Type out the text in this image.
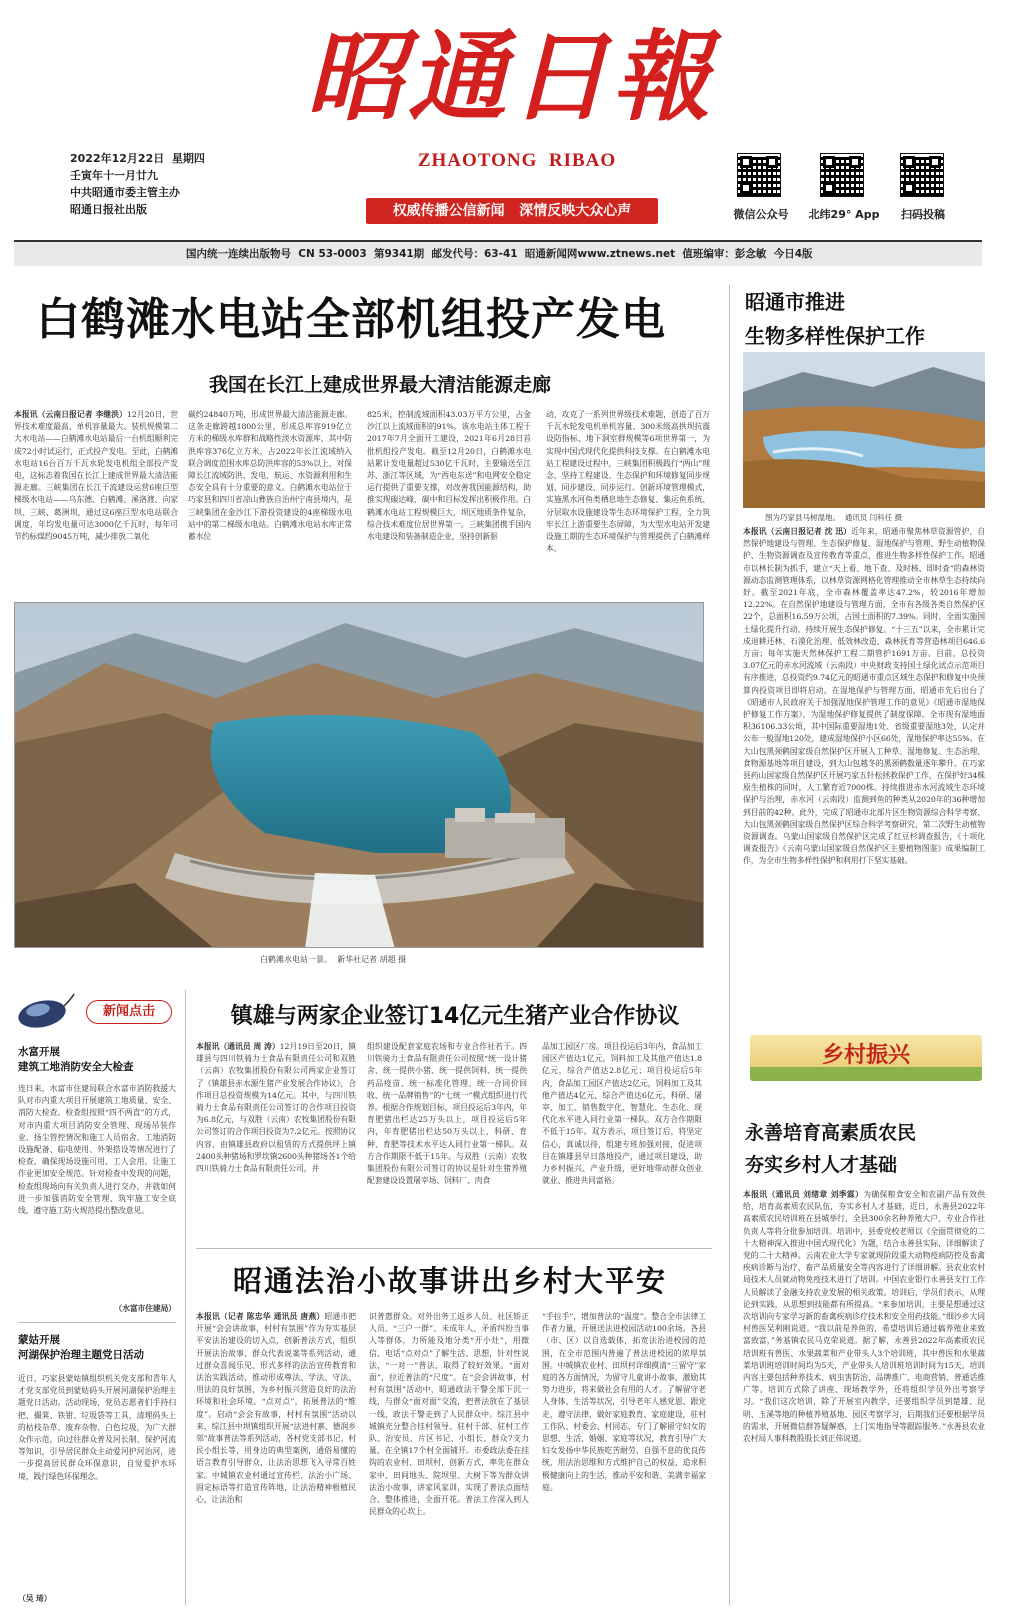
昭通日報
ZHAOTONG  RIBAO
权威传播公信新闻   深情反映大众心声
2022年12月22日  星期四
壬寅年十一月廿九
中共昭通市委主管主办
昭通日报社出版	微信公众号	北纬29° App	扫码投稿
国内统一连续出版物号  CN 53-0003  第9341期  邮发代号：63-41  昭通新闻网www.ztnews.net  值班编审：彭念敏  今日4版
白鹤滩水电站全部机组投产发电
我国在长江上建成世界最大清洁能源走廊
本报讯（云南日报记者 李继洪）12月20日，世界技术难度最高、单机容量最大、装机规模第二大水电站——白鹤滩水电站最后一台机组顺利完成72小时试运行，正式投产发电。至此，白鹤滩水电站16台百万千瓦水轮发电机组全部投产发电，这标志着我国在长江上建成世界最大清洁能源走廊。三峡集团在长江干流建设运营6座巨型梯级水电站——乌东德、白鹤滩、溪洛渡、向家坝、三峡、葛洲坝，通过这6座巨型水电站联合调度，年均发电量可达3000亿千瓦时，每年可节约标煤约9045万吨，减少排放二氧化
碳约24840万吨，形成世界最大清洁能源走廊。这条走廊跨越1800公里，形成总库容919亿立方米的梯级水库群和战略性淡水资源库，其中防洪库容376亿立方米，占2022年长江流域纳入联合调度范围水库总防洪库容的53%以上，对保障长江流域防洪、发电、航运、水资源利用和生态安全具有十分重要的意义。白鹤滩水电站位于巧家县和四川省凉山彝族自治州宁南县境内，是三峡集团在金沙江下游投资建设的4座梯级水电站中的第二梯级水电站。白鹤滩水电站水库正常蓄水位
825米，控制流域面积43.03万平方公里，占金沙江以上流域面积的91%。该水电站主体工程于2017年7月全面开工建设，2021年6月28日首批机组投产发电。截至12月20日，白鹤滩水电站累计发电量超过530亿千瓦时，主要输送至江苏、浙江等区域，为“西电东送”和电网安全稳定运行提供了重要支撑，对改善我国能源结构，助推实现碳达峰、碳中和目标发挥出积极作用。白鹤滩水电站工程规模巨大，坝区地质条件复杂，综合技术难度位居世界第一。三峡集团携手国内水电建设和装备制造企业，坚持创新驱
动，攻克了一系列世界级技术难题，创造了百万千瓦水轮发电机单机容量、300米级高拱坝抗震设防指标、地下洞室群规模等6项世界第一，为实现中国式现代化提供科技支撑。在白鹤滩水电站工程建设过程中，三峡集团积极践行“两山”理念，坚持工程建设、生态保护和环境修复同步规划、同步建设、同步运行。创新环境管理模式，实施黑水河鱼类栖息地生态修复、集运鱼系统、分层取水设施建设等生态环境保护工程，全力筑牢长江上游重要生态屏障，为大型水电站开发建设施工期的生态环境保护与管理提供了白鹤滩样本。
白鹤滩水电站一景。  新华社记者 胡超 摄
昭通市推进
生物多样性保护工作
图为巧家县马树湿地。  通讯员 闫科任 摄
本报讯（云南日报记者 沈 迅）近年来，昭通市聚焦林草资源管护、自然保护地建设与管理、生态保护修复、湿地保护与管理、野生动植物保护、生物资源调查及宣传教育等重点，推进生物多样性保护工作。昭通市以林长制为抓手，建立“天上看、地下查、及时核、即时查”的森林资源动态监测管理体系，以林草资源网格化管理推动全市林草生态持续向好。截至2021年底，全市森林覆盖率达47.2%，较2016年增加12.22%。在自然保护地建设与管理方面，全市有各级各类自然保护区22个，总面积16.59万公顷，占国土面积的7.39%。同时，全面实施国土绿化提升行动，持续开展生态保护修复。“十三五”以来，全市累计完成退耕还林、石漠化治理、低效林改造、森林抚育等营造林项目646.6万亩；每年实施天然林保护工程二期管护1691万亩。目前，总投资3.07亿元的赤水河流域（云南段）中央财政支持国土绿化试点示范项目有序推进，总投资约9.74亿元的昭通市重点区域生态保护和修复中央预算内投资项目即将启动。在湿地保护与管理方面，昭通市先后出台了《昭通市人民政府关于加强湿地保护管理工作的意见》《昭通市湿地保护修复工作方案》，为湿地保护修复提供了制度保障。全市现有湿地面积36106.33公顷，其中国际重要湿地1处、省级重要湿地3处，认定并公布一般湿地120处，建成湿地保护小区66处，湿地保护率达55%。在大山包黑颈鹤国家级自然保护区开展人工种草、湿地修复、生态治理、食物源基地等项目建设，到大山包越冬的黑颈鹤数量逐年攀升。在巧家县药山国家级自然保护区开展巧家五针松拯救保护工作，在保护好34株原生植株的同时，人工繁育近7000株。持续推进赤水河流域生态环境保护与治理，赤水河（云南段）监测到鱼的种类从2020年的36种增加到目前的42种。此外，完成了昭通市北部片区生物资源综合科学考察、大山包黑颈鹤国家级自然保护区综合科学考察研究、第二次野生动植物资源调查。乌蒙山国家级自然保护区完成了红豆杉调查报告，《十项化调查报告》《云南乌蒙山国家级自然保护区主要植物图鉴》成果编制工作，为全市生物多样性保护和利用打下坚实基础。
乡村振兴
永善培育高素质农民
夯实乡村人才基础
本报讯（通讯员 刘绪章 刘季霖）为确保粮食安全和农副产品有效供给，培育高素质农民队伍，夯实乡村人才基础，近日，永善县2022年高素质农民培训班在县城举行，全县300余名种养殖大户、专业合作社负责人等将分批参加培训。培训中，县委党校老师以《全面贯彻党的二十大精神深入推进中国式现代化》为题，结合永善县实际，详细解读了党的二十大精神。云南农业大学专家就现阶段重大动物疫病防控及畜禽疾病诊断与治疗、畜产品质量安全等内容进行了详细讲解。县农业农村局技术人员就动物免疫技术进行了培训。中国农业银行永善县支行工作人员解读了金融支持农业发展的相关政策。培训后，学员们表示，从理论到实践，从思想到技能都有所提高。“来参加培训，主要是想通过这次培训向专家学习新的畜禽疾病诊疗技术和安全用药技能。”细沙乡大同村兽医吴利刚说道。“我以前是养鱼的，希望培训后通过搞养殖业来致富致富，”务基镇农民马克荣说道。据了解，永善县2022年高素质农民培训班有兽医、水果蔬菜和产业带头人3个培训班，其中兽医和水果蔬菜培训班培训时间均为5天，产业带头人培训班培训时间为15天。培训内容主要包括种养技术、病虫害防治、品牌推广、电商营销、普通话推广等。培训方式除了讲座、现场教学外，还将组织学员外出考察学习。“我们这次培训，除了开展室内教学，还要组织学员到楚雄、昆明、玉溪等地的种植养殖基地、园区考察学习，后期我们还要根据学员的需求，开展微信群答疑解惑，上门实地指导等跟踪服务。”永善县农业农村局人事科教股股长刘正伟说道。
新闻点击
水富开展
建筑工地消防安全大检查
连日来，水富市住建局联合水富市消防救援大队对市内重大项目开展建筑工地质量、安全、消防大检查。检查组按照“四不两直”的方式，对市内重大项目消防安全管理、现场吊装作业、扬尘管控情况和施工人员宿舍、工地消防设施配备、临电使用、外架搭设等情况进行了检查，确保现场设施可用、工人会用，让施工作业更加安全规范。针对检查中发现的问题，检查组现场向有关负责人进行交办，并就如何进一步加强消防安全管理、筑牢施工安全底线，遵守施工防火规范提出整改意见。
（水富市住建局）
蒙姑开展
河湖保护治理主题党日活动
近日，巧家县蒙姑镇组织机关党支部和青年人才党支部党员到蒙姑码头开展河湖保护治理主题党日活动。活动现场，党员志愿者们手持扫把、撮箕、铁钳、垃圾袋等工具，清理码头上的枯枝杂草、废弃杂物、白色垃圾，为广大群众作示范，向过往群众普及河长制、保护河流等知识，引导居民群众主动爱河护河治河，进一步提高居民群众环保意识，自觉爱护水环境，践行绿色环保理念。
（吴 琦）
镇雄与两家企业签订14亿元生猪产业合作协议
本报讯（通讯员 周 涛）12月19日至20日，镇雄县与四川铁骑力士食品有限责任公司和双胜（云南）农牧集团股份有限公司两家企业签订了《镇雄县赤水源生猪产业发展合作协议》，合作项目总投资规模为14亿元。其中，与四川铁骑力士食品有限责任公司签订的合作项目投资为6.8亿元，与双胜（云南）农牧集团股份有限公司签订的合作项目投资为7.2亿元。按照协议内容，由镇雄县政府以租赁的方式提供坪上镇2400头种猪场和罗坎镇2600头种猪场各1个给四川铁骑力士食品有限责任公司，并
组织建设配套家庭农场和专业合作社若干。四川铁骑力士食品有限责任公司按照“统一设计猪舍、统一提供小猪、统一提供饲料、统一提供药品疫苗、统一标准化管理、统一合同价回收、统一品牌销售”的“七统一”模式组织进行代养。根据合作规划目标，项目投运后3年内，年育肥猪出栏达25万头以上，项目投运后5年内，年育肥猪出栏达50万头以上，科研、育种、育肥等技术水平达入同行业第一梯队。双方合作期限不低于15年。与双胜（云南）农牧集团股份有限公司签订的协议是针对生猪养殖配套建设设置屠宰场、饲料厂、肉食
品加工园区厂房。项目投运后3年内，食品加工园区产值达1亿元，饲料加工及其他产值达1.8亿元，综合产值达2.8亿元；项目投运后5年内，食品加工园区产值达2亿元，饲料加工及其他产值达4亿元，综合产值达6亿元，科研、屠宰、加工、销售数字化、智慧化、生态化、现代化水平进入同行业第一梯队。双方合作期限不低于15年。双方表示，项目签订后，将坚定信心，真诚以待，组建专班加强对接，促进项目在镇雄县早日落地投产，通过项目建设，助力乡村振兴、产业升级，更好地带动群众创业就业、推进共同富裕。
昭通法治小故事讲出乡村大平安
本报讯（记者 陈忠华 通讯员 唐燕）昭通市把开展“会会讲故事，村村有氛围”作为夯实基层平安法治建设的切入点，创新普法方式，组织开展法治故事、群众代表说案等系列活动，通过群众喜闻乐见、形式多样的法治宣传教育和法治实践活动，推动形成尊法、学法、守法、用法的良好氛围，为乡村振兴营造良好的法治环境和社会环境。“点对点”，拓展普法的“维度”。启动“会会有故事，村村有氛围”活动以来，综江县中坝镇组织开展“法进村寨、德润乡邻”故事普法等系列活动，各村党支部书记、村民小组长等，用身边的典型案例，通俗易懂的语言教育引导群众，让法治思想飞入寻常百姓家。中城镇农业村通过宣传栏、法治小广场、固定标语等打造宣传阵地，让法治精神根植民心，让法治和
识普惠群众。对外出务工返乡人员、社区矫正人员、“三户一群”、未成年人、矛盾纠纷当事人等群体，力所能及地分类“开小灶”，用微信、电话“点对点”了解生活、思想，针对性说法，“一对一”普法，取得了较好效果。“面对面”，拉近普法的“尺度”。在“会会讲故事，村村有氛围”活动中，昭通政法干警全部下沉一线，与群众“面对面”交流，把普法放在了基层一线，政法干警走到了人民群众中。综江县中城镇充分整合挂村领导、驻村干部、驻村工作队、治安员、片区书记、小组长、群众7支力量，在全镇17个村全面铺开。市委政法委在挂钩的农业村、田坝村，创新方式，率先在群众家中、田间地头、院坝里、大树下等为群众讲法治小故事，讲家风家训，实现了普法点面结合、整体推进，全面开花。普法工作深入到人民群众的心坎上。
“手拉手”，增加普法的“温度”。整合全市法律工作者力量，开展送法进校园活动100余场。各县（市、区）以自选载体，拓宽法治进校园的范围，在全市范围内普遍了普法进校园的浓厚氛围。中城镇农业村、田坝村详细摸清“三留守”家庭的各方面情况，为留守儿童讲小故事，激励其努力进步，将来做社会有用的人才。了解留守老人身体、生活等状况，引导老年人感党恩、跟党走，遵守法律，做好家庭教育、家庭建设，驻村工作队、村委会、村同志，专门了解留守妇女的思想、生活、婚姻、家庭等状况，教育引导广大妇女发扬中华民族吃苦耐劳、自强不息的优良传统，用法治思维和方式维护自己的权益，追求积极健康向上的生活，推动平安和谐、美满幸福家庭。
